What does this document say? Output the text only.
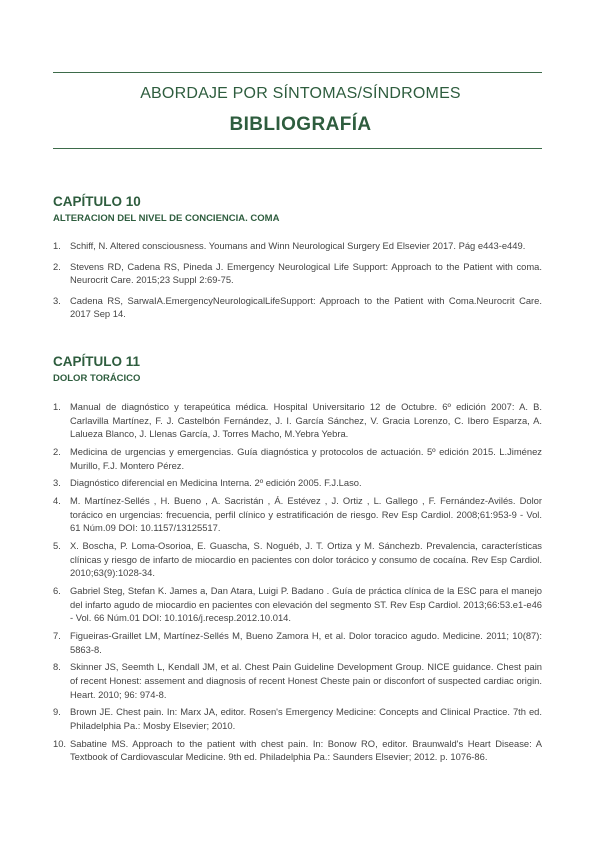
ABORDAJE POR SÍNTOMAS/SÍNDROMES
BIBLIOGRAFÍA
CAPÍTULO 10
ALTERACION DEL NIVEL DE CONCIENCIA. COMA
1. Schiff, N. Altered consciousness. Youmans and Winn Neurological Surgery Ed Elsevier 2017. Pág e443-e449.
2. Stevens RD, Cadena RS, Pineda J. Emergency Neurological Life Support: Approach to the Patient with coma. Neurocrit Care. 2015;23 Suppl 2:69-75.
3. Cadena RS, SarwaIA.EmergencyNeurologicalLifeSupport: Approach to the Patient with Coma.Neurocrit Care. 2017 Sep 14.
CAPÍTULO 11
DOLOR TORÁCICO
1. Manual de diagnóstico y terapeútica médica. Hospital Universitario 12 de Octubre. 6º edición 2007: A. B. Carlavilla Martínez, F. J. Castelbón Fernández, J. I. García Sánchez, V. Gracia Lorenzo, C. Ibero Esparza, A. Lalueza Blanco, J. Llenas García, J. Torres Macho, M.Yebra Yebra.
2. Medicina de urgencias y emergencias. Guía diagnóstica y protocolos de actuación. 5º edición 2015. L.Jiménez Murillo, F.J. Montero Pérez.
3. Diagnóstico diferencial en Medicina Interna. 2º edición 2005. F.J.Laso.
4. M. Martínez-Sellés , H. Bueno , A. Sacristán , Á. Estévez , J. Ortiz , L. Gallego , F. Fernández-Avilés. Dolor torácico en urgencias: frecuencia, perfil clínico y estratificación de riesgo. Rev Esp Cardiol. 2008;61:953-9 - Vol. 61 Núm.09 DOI: 10.1157/13125517.
5. X. Boscha, P. Loma-Osorioa, E. Guascha, S. Noguéb, J. T. Ortiza y M. Sánchezb. Prevalencia, características clínicas y riesgo de infarto de miocardio en pacientes con dolor torácico y consumo de cocaína. Rev Esp Cardiol. 2010;63(9):1028-34.
6. Gabriel Steg, Stefan K. James a, Dan Atara, Luigi P. Badano . Guía de práctica clínica de la ESC para el manejo del infarto agudo de miocardio en pacientes con elevación del segmento ST. Rev Esp Cardiol. 2013;66:53.e1-e46 - Vol. 66 Núm.01 DOI: 10.1016/j.recesp.2012.10.014.
7. Figueiras-Graillet LM, Martínez-Sellés M, Bueno Zamora H, et al. Dolor toracico agudo. Medicine. 2011; 10(87): 5863-8.
8. Skinner JS, Seemth L, Kendall JM, et al. Chest Pain Guideline Development Group. NICE guidance. Chest pain of recent Honest: assement and diagnosis of recent Honest Cheste pain or disconfort of suspected cardiac origin. Heart. 2010; 96: 974-8.
9. Brown JE. Chest pain. In: Marx JA, editor. Rosen's Emergency Medicine: Concepts and Clinical Practice. 7th ed. Philadelphia Pa.: Mosby Elsevier; 2010.
10. Sabatine MS. Approach to the patient with chest pain. In: Bonow RO, editor. Braunwald's Heart Disease: A Textbook of Cardiovascular Medicine. 9th ed. Philadelphia Pa.: Saunders Elsevier; 2012. p. 1076-86.
